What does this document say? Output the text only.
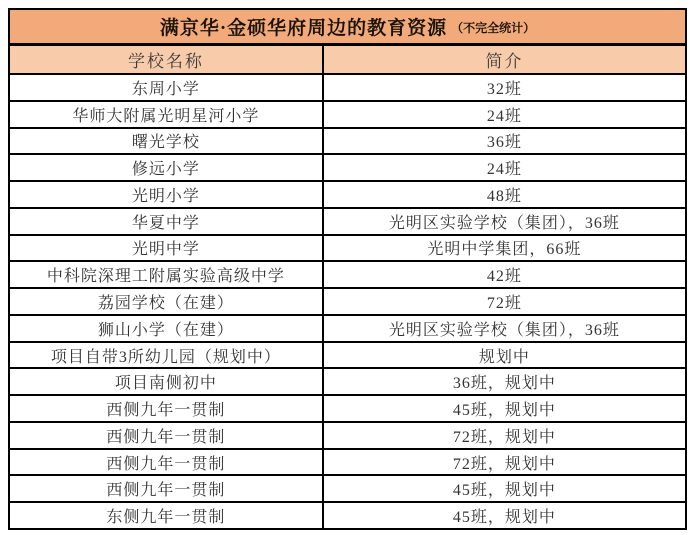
满京华·金硕华府周边的教育资源 （不完全统计）
学校名称	简介
东周小学	32班
华师大附属光明星河小学	24班
曙光学校	36班
修远小学	24班
光明小学	48班
华夏中学	光明区实验学校（集团），36班
光明中学	光明中学集团，66班
中科院深理工附属实验高级中学	42班
荔园学校（在建）	72班
狮山小学（在建）	光明区实验学校（集团），36班
项目自带3所幼儿园（规划中）	规划中
项目南侧初中	36班，规划中
西侧九年一贯制	45班，规划中
西侧九年一贯制	72班，规划中
西侧九年一贯制	72班，规划中
西侧九年一贯制	45班，规划中
东侧九年一贯制	45班，规划中
